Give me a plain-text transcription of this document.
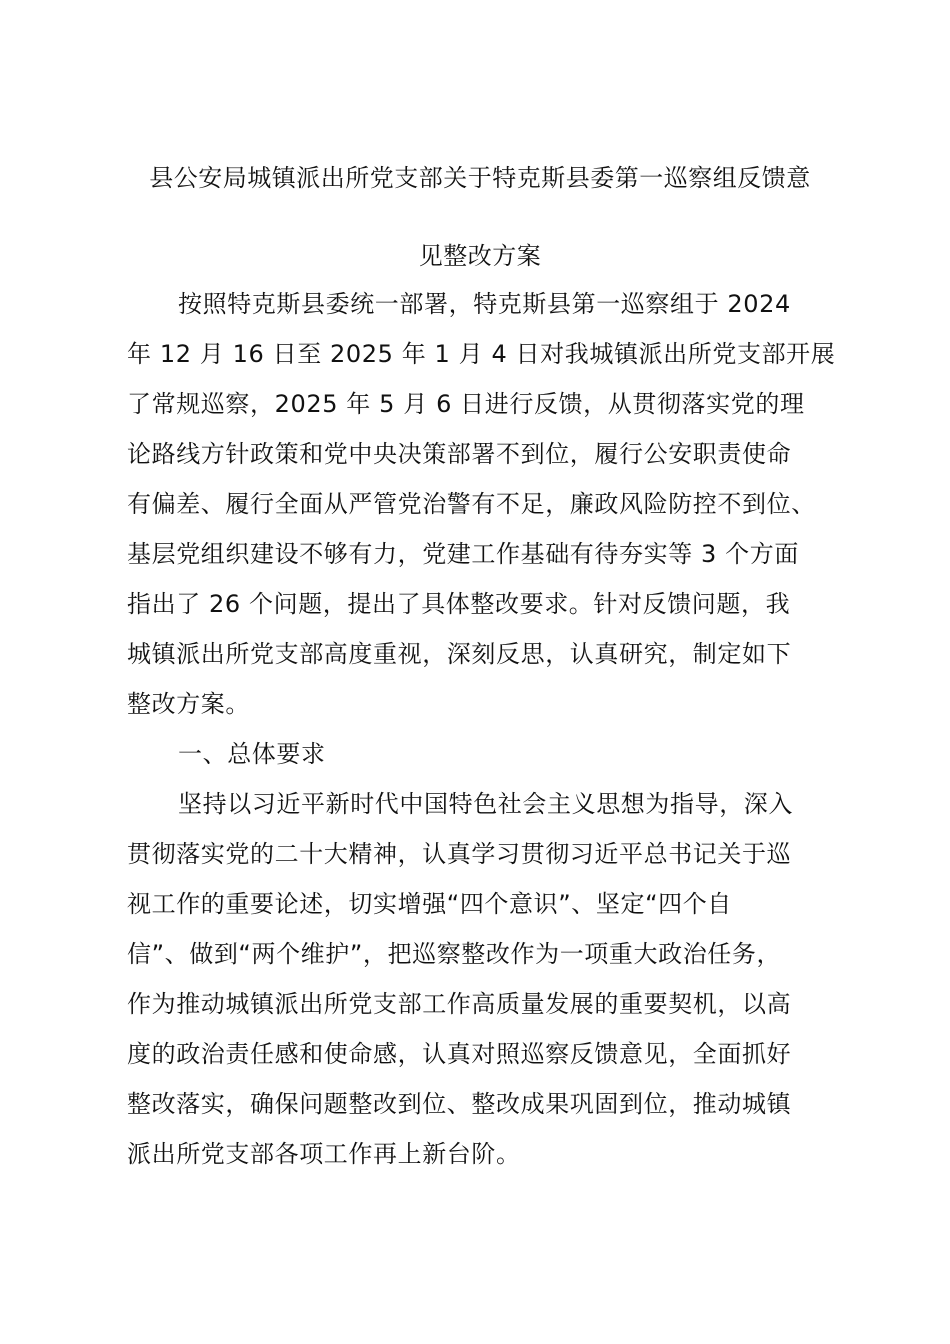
县公安局城镇派出所党支部关于特克斯县委第一巡察组反馈意
见整改方案
按照特克斯县委统一部署，特克斯县第一巡察组于 2024
年 12 月 16 日至 2025 年 1 月 4 日对我城镇派出所党支部开展
了常规巡察，2025 年 5 月 6 日进行反馈，从贯彻落实党的理
论路线方针政策和党中央决策部署不到位，履行公安职责使命
有偏差、履行全面从严管党治警有不足，廉政风险防控不到位、
基层党组织建设不够有力，党建工作基础有待夯实等 3 个方面
指出了 26 个问题，提出了具体整改要求。针对反馈问题，我
城镇派出所党支部高度重视，深刻反思，认真研究，制定如下
整改方案。
一、总体要求
坚持以习近平新时代中国特色社会主义思想为指导，深入
贯彻落实党的二十大精神，认真学习贯彻习近平总书记关于巡
视工作的重要论述，切实增强“四个意识”、坚定“四个自
信”、做到“两个维护”，把巡察整改作为一项重大政治任务，
作为推动城镇派出所党支部工作高质量发展的重要契机，以高
度的政治责任感和使命感，认真对照巡察反馈意见，全面抓好
整改落实，确保问题整改到位、整改成果巩固到位，推动城镇
派出所党支部各项工作再上新台阶。
